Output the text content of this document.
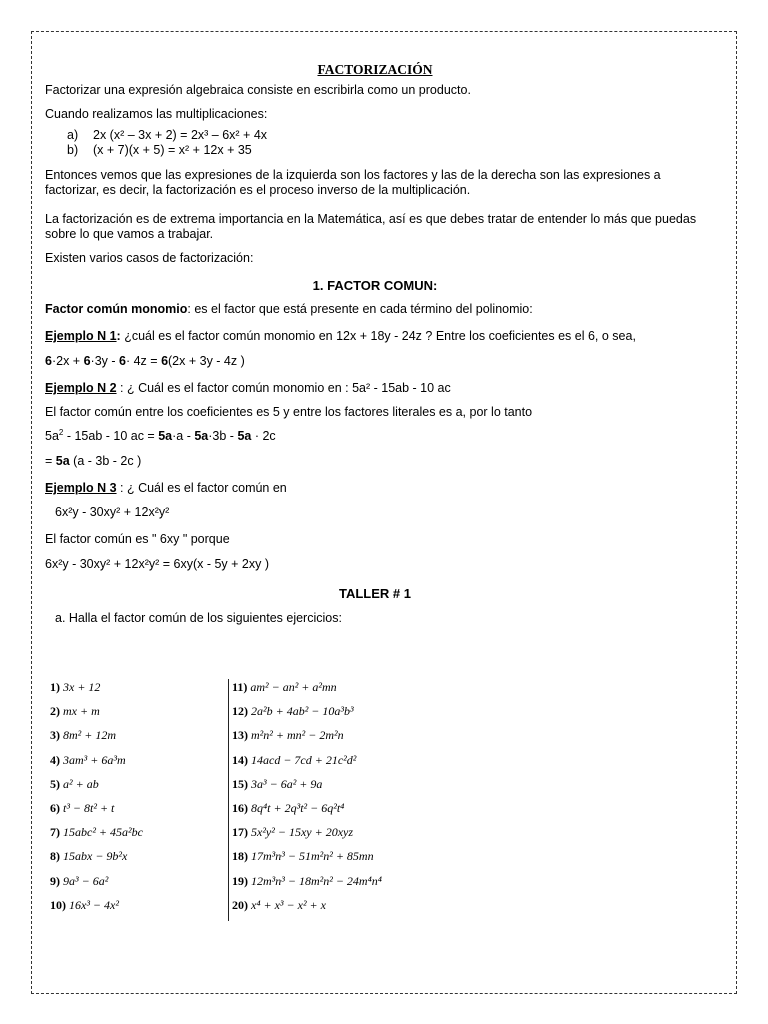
FACTORIZACIÓN

Factorizar una expresión algebraica consiste en escribirla como un producto.

Cuando realizamos las multiplicaciones:

a)	2x (x² – 3x + 2) = 2x³ – 6x² + 4x
b)	(x + 7)(x + 5) = x² + 12x + 35

Entonces vemos que las expresiones de la izquierda son los factores y las de la derecha son las expresiones a factorizar, es decir, la factorización es el proceso inverso de la multiplicación.

La factorización es de extrema importancia en la Matemática, así es que debes tratar de entender lo más que puedas sobre lo que vamos a trabajar.

Existen varios casos de factorización:

1. FACTOR COMUN:

Factor común monomio: es el factor que está presente en cada término del polinomio:

Ejemplo N 1: ¿cuál es el factor común monomio en 12x + 18y - 24z ? Entre los coeficientes es el 6, o sea,

6·2x + 6·3y - 6· 4z = 6(2x + 3y - 4z )

Ejemplo N 2 : ¿ Cuál es el factor común monomio en : 5a² - 15ab - 10 ac

El factor común entre los coeficientes es 5 y entre los factores literales es a, por lo tanto

$5a^2 - 15ab - 10$ ac = 5a·a - 5a·3b - 5a · 2c

= 5a (a - 3b - 2c )

Ejemplo N 3 : ¿ Cuál es el factor común en

6x²y - 30xy² + 12x²y²

El factor común es " 6xy " porque

6x²y - 30xy² + 12x²y² = 6xy(x - 5y + 2xy )

TALLER # 1

a. Halla el factor común de los siguientes ejercicios:

1) 3x + 12
2) mx + m
3) 8m² + 12m
4) 3am³ + 6a³m
5) a² + ab
6) t³ − 8t² + t
7) 15abc² + 45a²bc
8) 15abx − 9b²x
9) 9a³ − 6a²
10) 16x³ − 4x²
11) am² − an² + a²mn
12) 2a²b + 4ab² − 10a³b³
13) m²n² + mn² − 2m²n
14) 14acd − 7cd + 21c²d²
15) 3a³ − 6a² + 9a
16) 8q⁴t + 2q³t² − 6q²t⁴
17) 5x²y² − 15xy + 20xyz
18) 17m³n³ − 51m²n² + 85mn
19) 12m³n³ − 18m²n² − 24m⁴n⁴
20) x⁴ + x³ − x² + x
